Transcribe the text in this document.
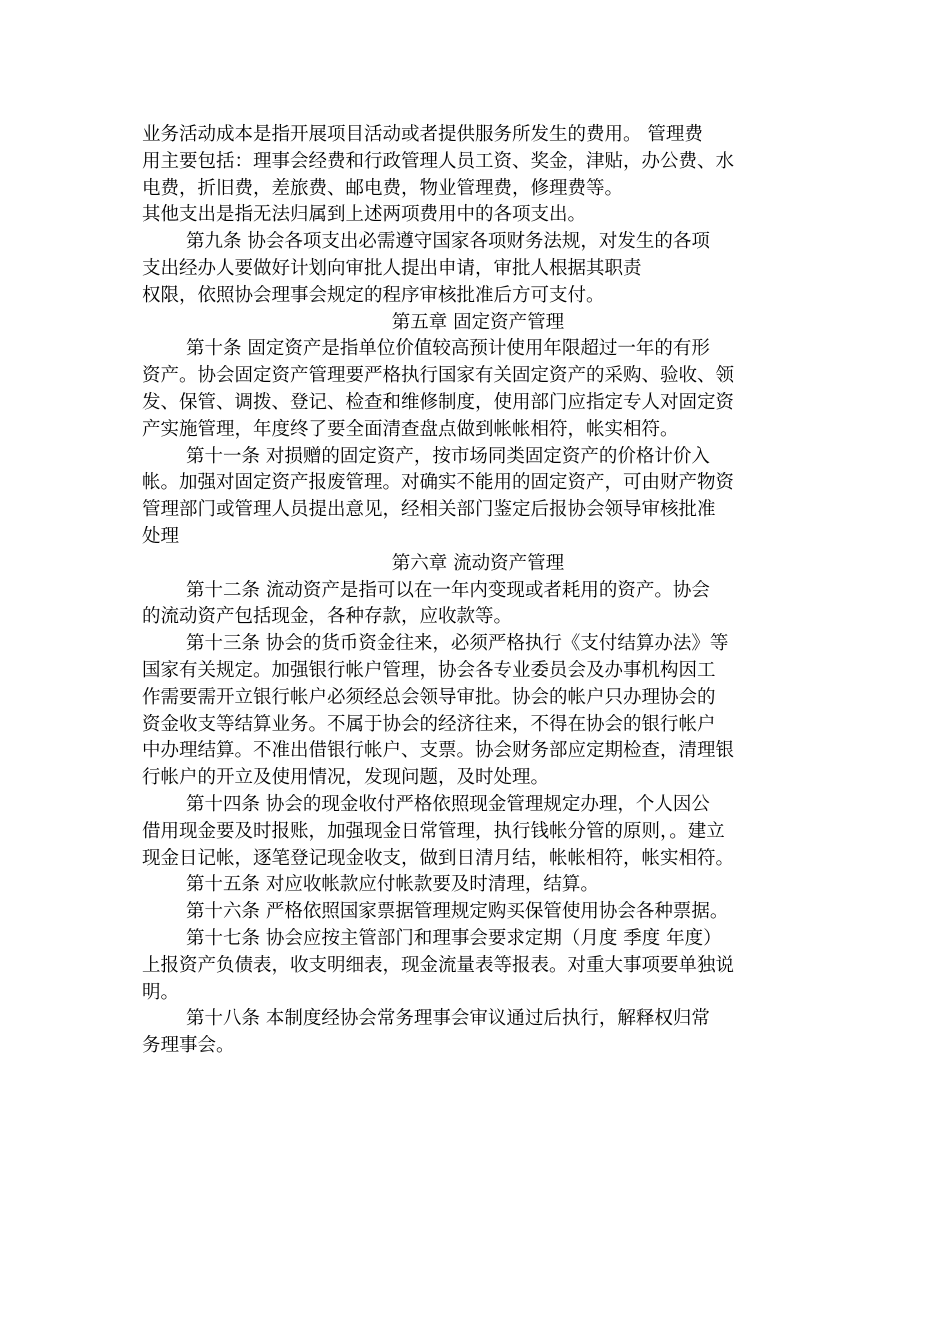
业务活动成本是指开展项目活动或者提供服务所发生的费用。 管理费
用主要包括：理事会经费和行政管理人员工资、奖金，津贴，办公费、水
电费，折旧费，差旅费、邮电费，物业管理费，修理费等。
其他支出是指无法归属到上述两项费用中的各项支出。
第九条 协会各项支出必需遵守国家各项财务法规，对发生的各项
支出经办人要做好计划向审批人提出申请，审批人根据其职责
权限，依照协会理事会规定的程序审核批准后方可支付。
第五章 固定资产管理
第十条 固定资产是指单位价值较高预计使用年限超过一年的有形
资产。协会固定资产管理要严格执行国家有关固定资产的采购、验收、领
发、保管、调拨、登记、检查和维修制度，使用部门应指定专人对固定资
产实施管理，年度终了要全面清查盘点做到帐帐相符，帐实相符。
第十一条 对损赠的固定资产，按市场同类固定资产的价格计价入
帐。加强对固定资产报废管理。对确实不能用的固定资产，可由财产物资
管理部门或管理人员提出意见，经相关部门鉴定后报协会领导审核批准
处理
第六章 流动资产管理
第十二条 流动资产是指可以在一年内变现或者耗用的资产。协会
的流动资产包括现金，各种存款，应收款等。
第十三条 协会的货币资金往来，必须严格执行《支付结算办法》等
国家有关规定。加强银行帐户管理，协会各专业委员会及办事机构因工
作需要需开立银行帐户必须经总会领导审批。协会的帐户只办理协会的
资金收支等结算业务。不属于协会的经济往来，不得在协会的银行帐户
中办理结算。不准出借银行帐户、支票。协会财务部应定期检查，清理银
行帐户的开立及使用情况，发现问题，及时处理。
第十四条 协会的现金收付严格依照现金管理规定办理，个人因公
借用现金要及时报账，加强现金日常管理，执行钱帐分管的原则，。建立
现金日记帐，逐笔登记现金收支，做到日清月结，帐帐相符，帐实相符。
第十五条 对应收帐款应付帐款要及时清理，结算。
第十六条 严格依照国家票据管理规定购买保管使用协会各种票据。
第十七条 协会应按主管部门和理事会要求定期（月度 季度 年度）
上报资产负债表，收支明细表，现金流量表等报表。对重大事项要单独说
明。
第十八条 本制度经协会常务理事会审议通过后执行，解释权归常
务理事会。
